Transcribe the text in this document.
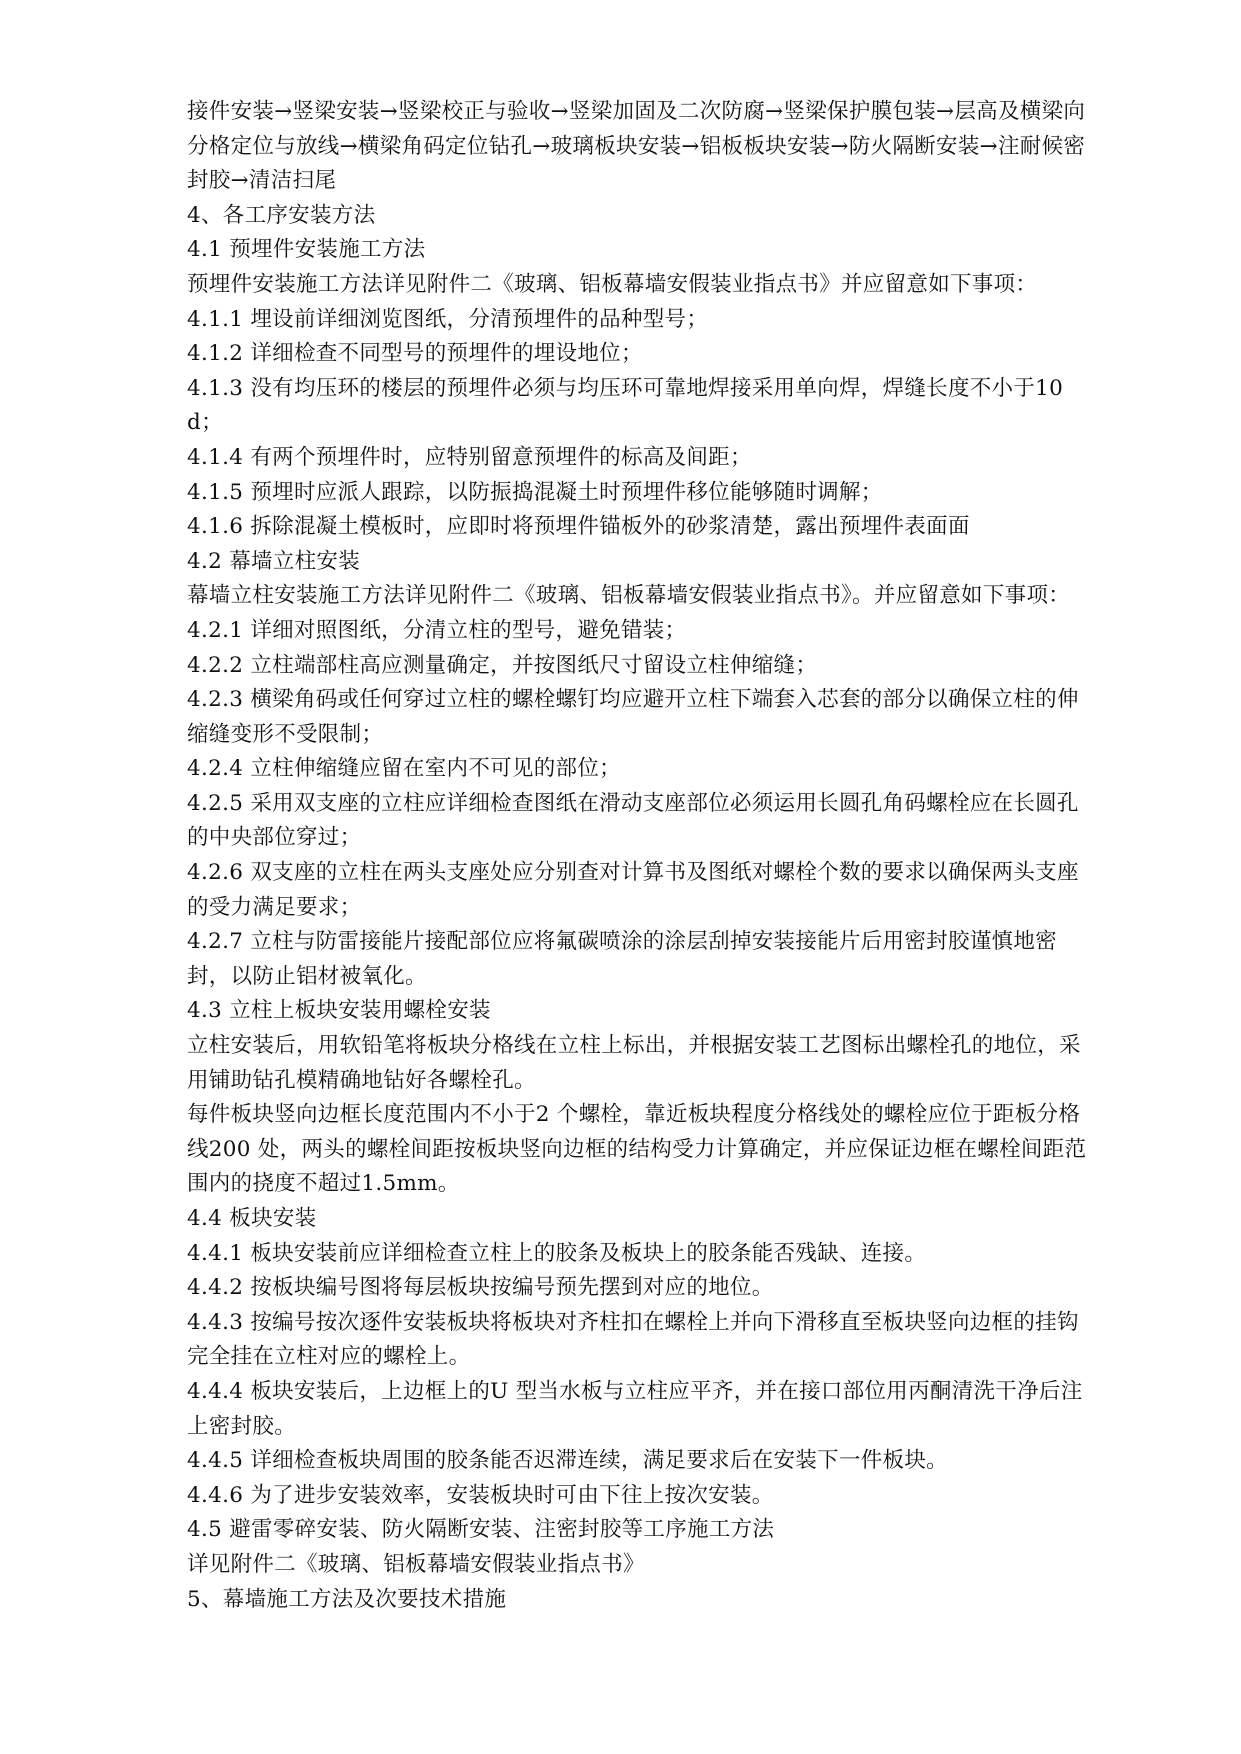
接件安装→竖梁安装→竖梁校正与验收→竖梁加固及二次防腐→竖梁保护膜包装→层高及横梁向分格定位与放线→横梁角码定位钻孔→玻璃板块安装→铝板板块安装→防火隔断安装→注耐候密封胶→清洁扫尾

4、各工序安装方法

4.1 预埋件安装施工方法

预埋件安装施工方法详见附件二《玻璃、铝板幕墙安假装业指点书》并应留意如下事项：

4.1.1 埋设前详细浏览图纸，分清预埋件的品种型号；

4.1.2 详细检查不同型号的预埋件的埋设地位；

4.1.3 没有均压环的楼层的预埋件必须与均压环可靠地焊接采用单向焊，焊缝长度不小于10d；

4.1.4 有两个预埋件时，应特别留意预埋件的标高及间距；

4.1.5 预埋时应派人跟踪，以防振捣混凝土时预埋件移位能够随时调解；

4.1.6 拆除混凝土模板时，应即时将预埋件锚板外的砂浆清楚，露出预埋件表面面

4.2 幕墙立柱安装

幕墙立柱安装施工方法详见附件二《玻璃、铝板幕墙安假装业指点书》。并应留意如下事项：

4.2.1 详细对照图纸，分清立柱的型号，避免错装；

4.2.2 立柱端部柱高应测量确定，并按图纸尺寸留设立柱伸缩缝；

4.2.3 横梁角码或任何穿过立柱的螺栓螺钉均应避开立柱下端套入芯套的部分以确保立柱的伸缩缝变形不受限制；

4.2.4 立柱伸缩缝应留在室内不可见的部位；

4.2.5 采用双支座的立柱应详细检查图纸在滑动支座部位必须运用长圆孔角码螺栓应在长圆孔的中央部位穿过；

4.2.6 双支座的立柱在两头支座处应分别查对计算书及图纸对螺栓个数的要求以确保两头支座的受力满足要求；

4.2.7 立柱与防雷接能片接配部位应将氟碳喷涂的涂层刮掉安装接能片后用密封胶谨慎地密封，以防止铝材被氧化。

4.3 立柱上板块安装用螺栓安装

立柱安装后，用软铅笔将板块分格线在立柱上标出，并根据安装工艺图标出螺栓孔的地位，采用铺助钻孔模精确地钻好各螺栓孔。

每件板块竖向边框长度范围内不小于2 个螺栓，靠近板块程度分格线处的螺栓应位于距板分格线200 处，两头的螺栓间距按板块竖向边框的结构受力计算确定，并应保证边框在螺栓间距范围内的挠度不超过1.5mm。

4.4 板块安装

4.4.1 板块安装前应详细检查立柱上的胶条及板块上的胶条能否残缺、连接。

4.4.2 按板块编号图将每层板块按编号预先摆到对应的地位。

4.4.3 按编号按次逐件安装板块将板块对齐柱扣在螺栓上并向下滑移直至板块竖向边框的挂钩完全挂在立柱对应的螺栓上。

4.4.4 板块安装后，上边框上的U 型当水板与立柱应平齐，并在接口部位用丙酮清洗干净后注上密封胶。

4.4.5 详细检查板块周围的胶条能否迟滞连续，满足要求后在安装下一件板块。

4.4.6 为了进步安装效率，安装板块时可由下往上按次安装。

4.5 避雷零碎安装、防火隔断安装、注密封胶等工序施工方法

详见附件二《玻璃、铝板幕墙安假装业指点书》

5、幕墙施工方法及次要技术措施
